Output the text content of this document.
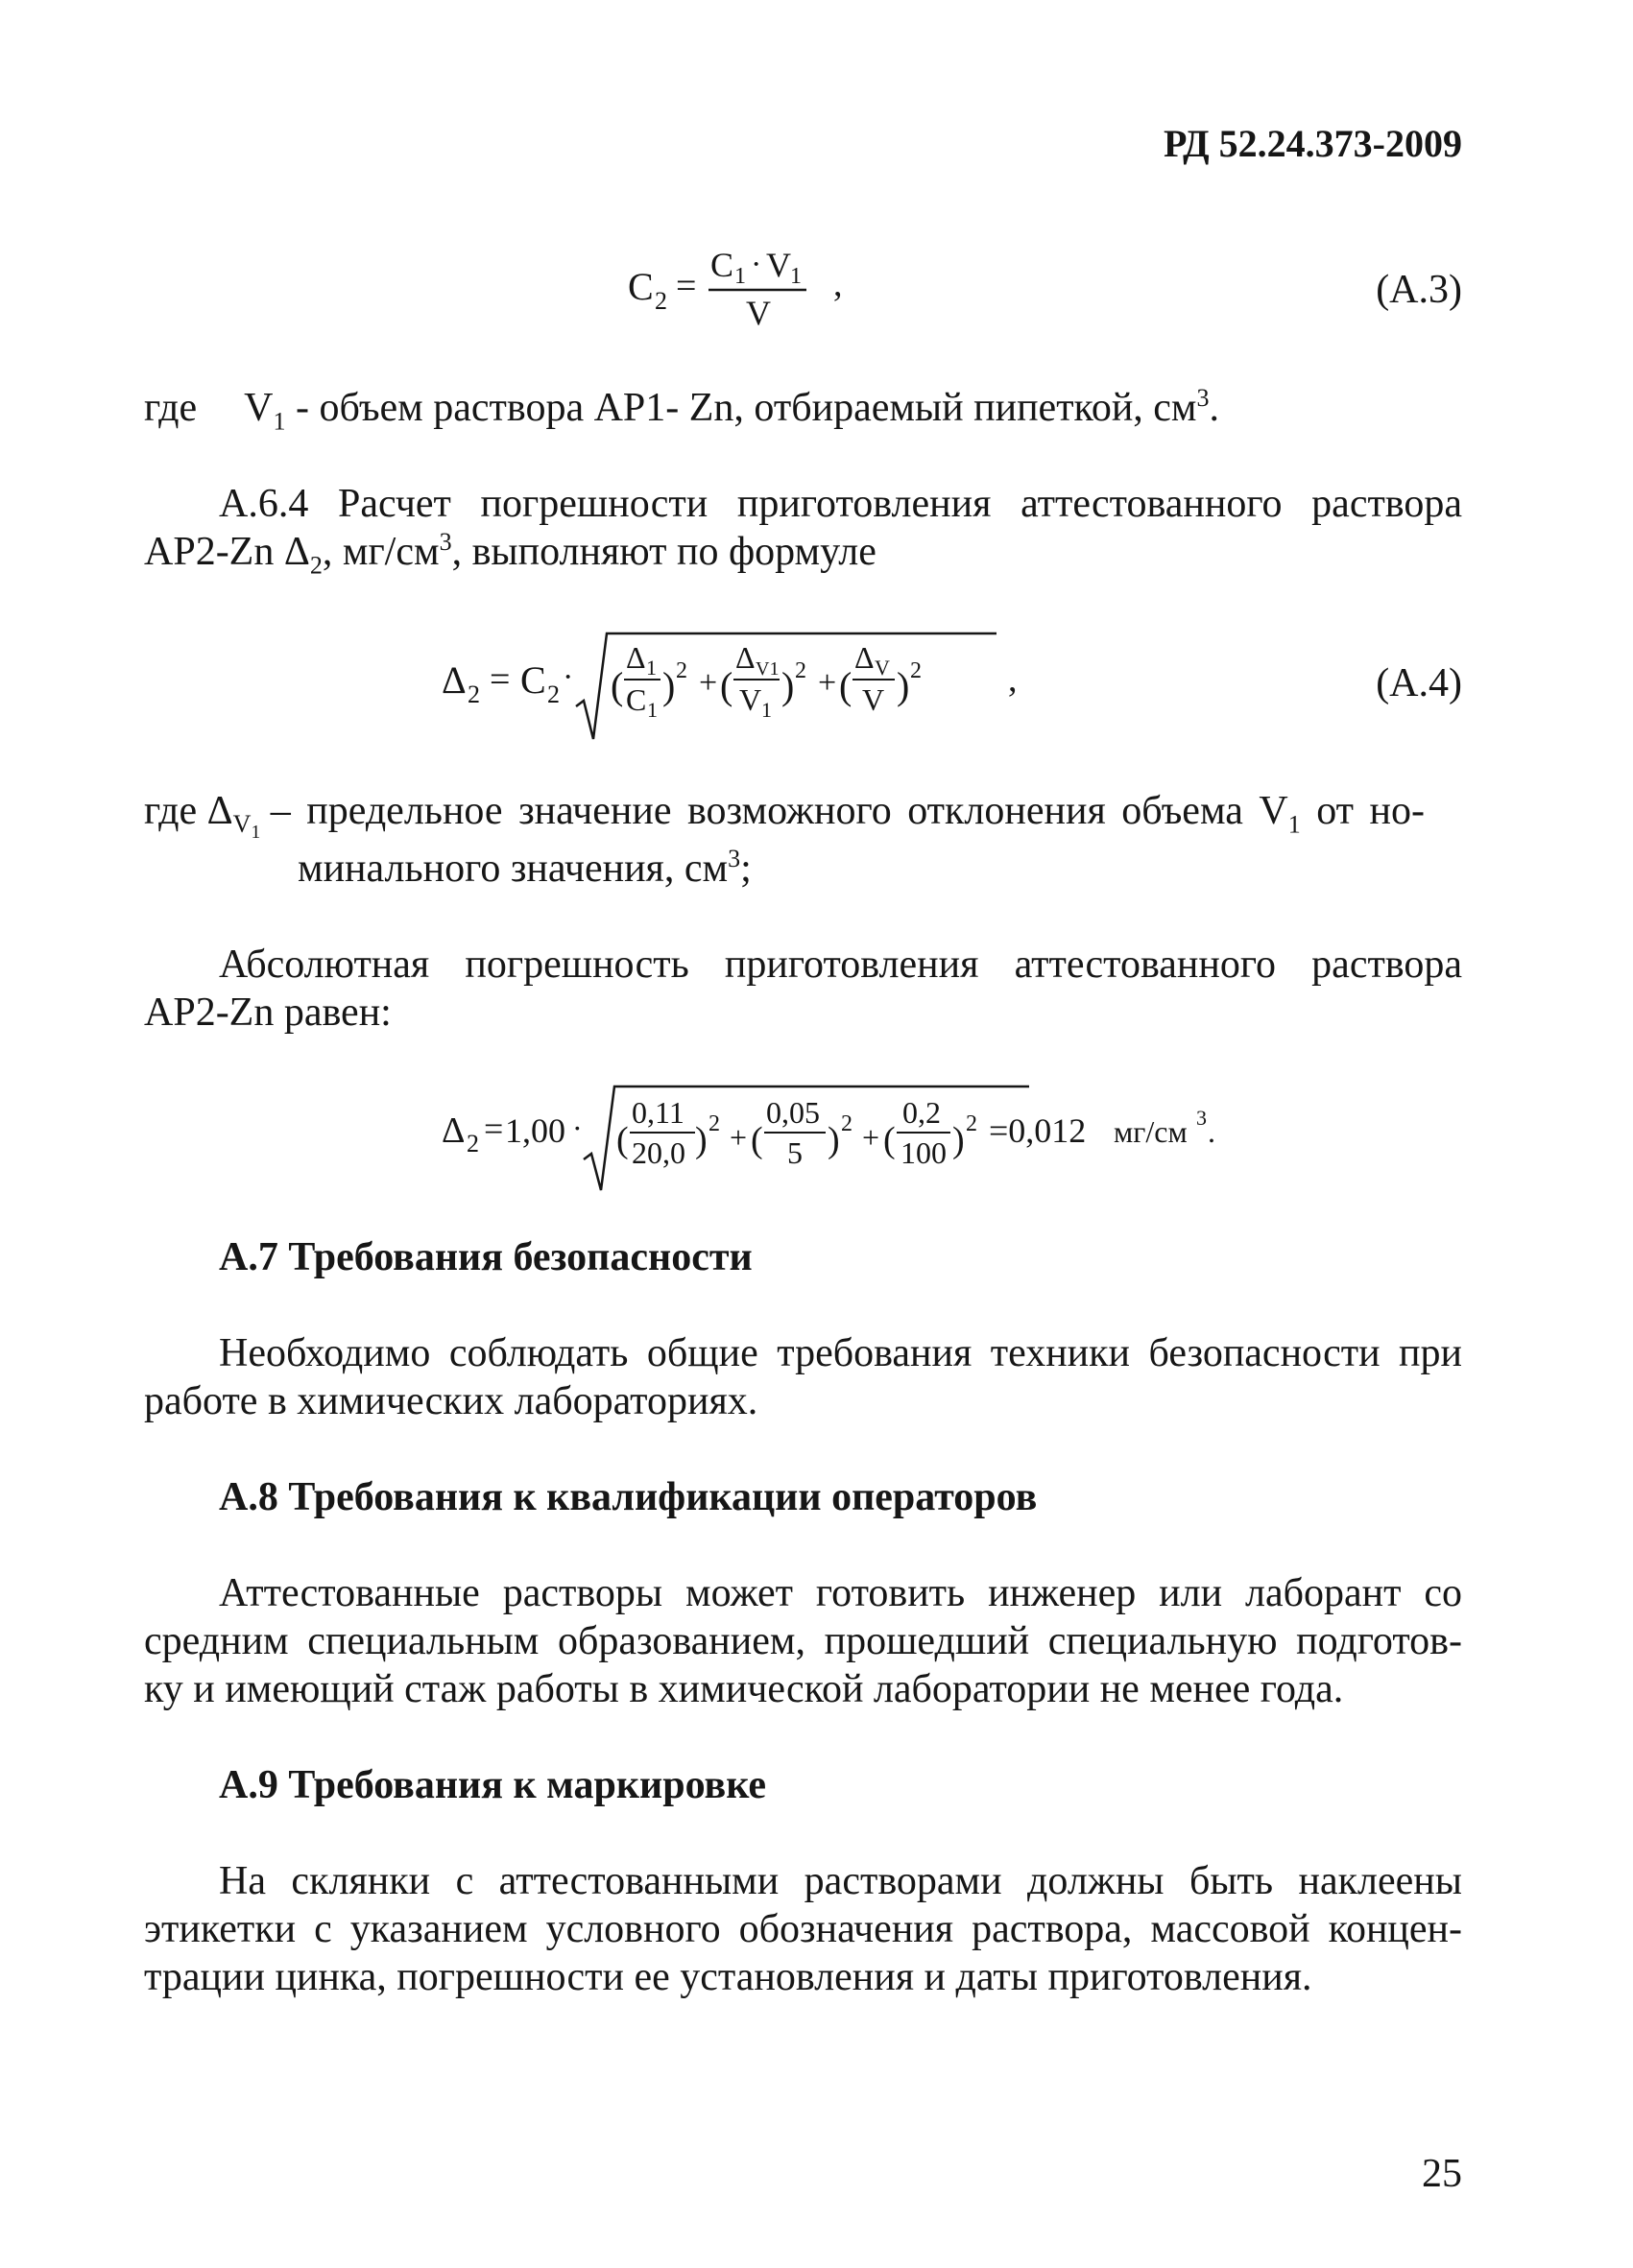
РД 52.24.373-2009
C 2 =
C 1 · V 1
V
,	(А.3)
где $V_1$ - объем раствора АР1- Zn, отбираемый пипеткой, $см^3$.
А.6.4 Расчет погрешности приготовления аттестованного раствора
АР2-Zn $\Delta_2$, $мг/см^3$, выполняют по формуле
Δ 2 = C 2 · (
Δ 1
C 1
) 2 + (
Δ V1
V 1
) 2 + (
Δ V
V ) 2 ,	(А.4)
где $\Delta_{V_1}$ – предельное значение возможного отклонения объема $V_1$ от но-
минального значения, $см^3$;
Абсолютная погрешность приготовления аттестованного раствора
АР2-Zn равен:
Δ 2 = 1,00 · (
0,11
20,0 ) 2 + (
0,05
5 ) 2 + (
0,2
100 ) 2 =0,012 мг/см 3 .
А.7 Требования безопасности
Необходимо соблюдать общие требования техники безопасности при
работе в химических лабораториях.
А.8 Требования к квалификации операторов
Аттестованные растворы может готовить инженер или лаборант со
средним специальным образованием, прошедший специальную подготов-
ку и имеющий стаж работы в химической лаборатории не менее года.
А.9 Требования к маркировке
На склянки с аттестованными растворами должны быть наклеены
этикетки с указанием условного обозначения раствора, массовой концен-
трации цинка, погрешности ее установления и даты приготовления.
25
